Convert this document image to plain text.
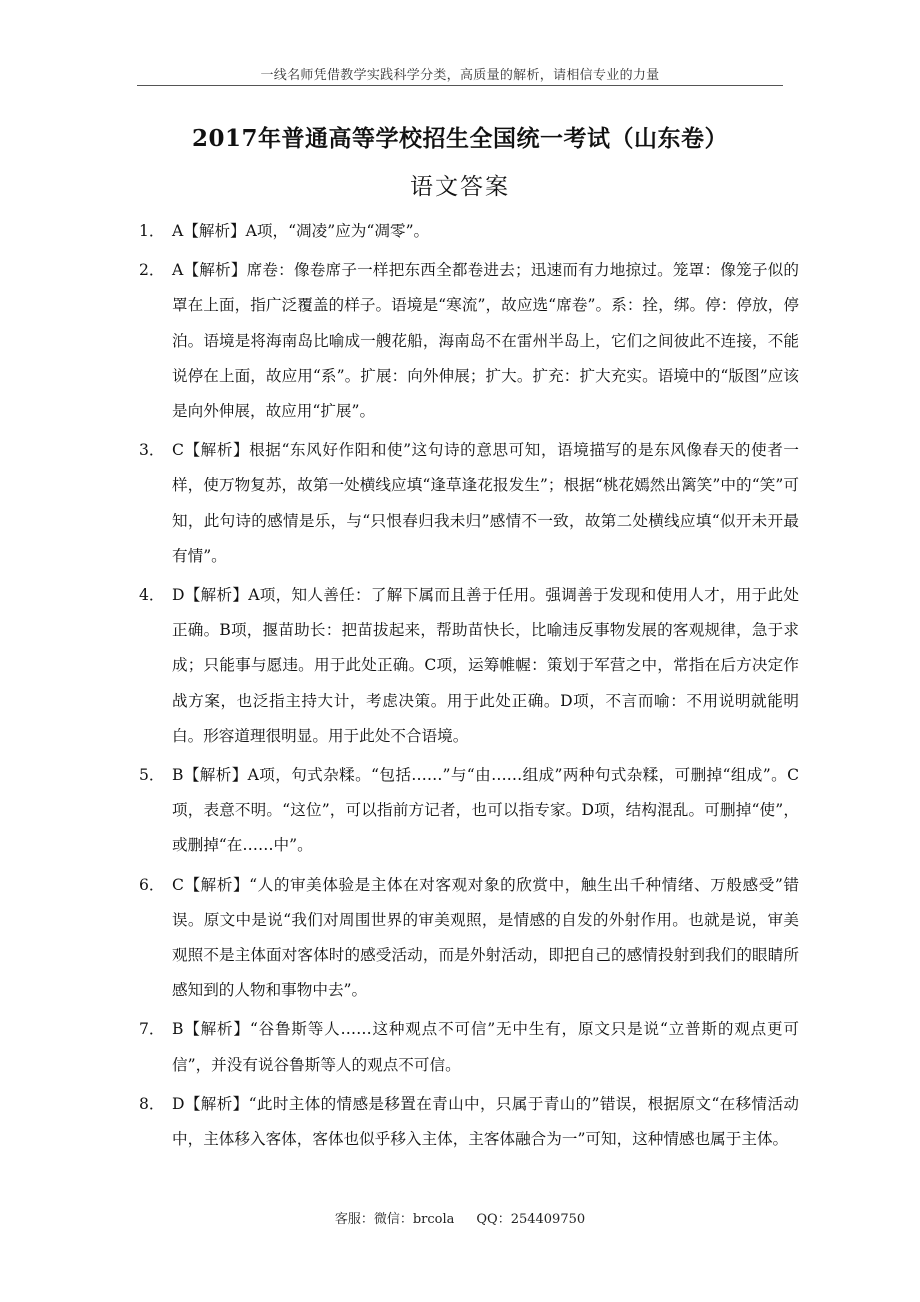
一线名师凭借教学实践科学分类，高质量的解析，请相信专业的力量
2017年普通高等学校招生全国统一考试（山东卷）
语文答案
1． A【解析】A项，“凋凌”应为“凋零”。
2． A【解析】席卷：像卷席子一样把东西全都卷进去；迅速而有力地掠过。笼罩：像笼子似的罩在上面，指广泛覆盖的样子。语境是“寒流”，故应选“席卷”。系：拴，绑。停：停放，停泊。语境是将海南岛比喻成一艘花船，海南岛不在雷州半岛上，它们之间彼此不连接，不能说停在上面，故应用“系”。扩展：向外伸展；扩大。扩充：扩大充实。语境中的“版图”应该是向外伸展，故应用“扩展”。
3． C【解析】根据“东风好作阳和使”这句诗的意思可知，语境描写的是东风像春天的使者一样，使万物复苏，故第一处横线应填“逢草逢花报发生”；根据“桃花嫣然出篱笑”中的“笑”可知，此句诗的感情是乐，与“只恨春归我未归”感情不一致，故第二处横线应填“似开未开最有情”。
4． D【解析】A项，知人善任：了解下属而且善于任用。强调善于发现和使用人才，用于此处正确。B项，揠苗助长：把苗拔起来，帮助苗快长，比喻违反事物发展的客观规律，急于求成；只能事与愿违。用于此处正确。C项，运筹帷幄：策划于军营之中，常指在后方决定作战方案，也泛指主持大计，考虑决策。用于此处正确。D项，不言而喻：不用说明就能明白。形容道理很明显。用于此处不合语境。
5． B【解析】A项，句式杂糅。“包括……”与“由……组成”两种句式杂糅，可删掉“组成”。C项，表意不明。“这位”，可以指前方记者，也可以指专家。D项，结构混乱。可删掉“使”，或删掉“在……中”。
6． C【解析】“人的审美体验是主体在对客观对象的欣赏中，触生出千种情绪、万般感受”错误。原文中是说“我们对周围世界的审美观照，是情感的自发的外射作用。也就是说，审美观照不是主体面对客体时的感受活动，而是外射活动，即把自己的感情投射到我们的眼睛所感知到的人物和事物中去”。
7． B【解析】“谷鲁斯等人……这种观点不可信”无中生有，原文只是说“立普斯的观点更可信”，并没有说谷鲁斯等人的观点不可信。
8． D【解析】“此时主体的情感是移置在青山中，只属于青山的”错误，根据原文“在移情活动中，主体移入客体，客体也似乎移入主体，主客体融合为一”可知，这种情感也属于主体。
客服：微信：brcola QQ：254409750
